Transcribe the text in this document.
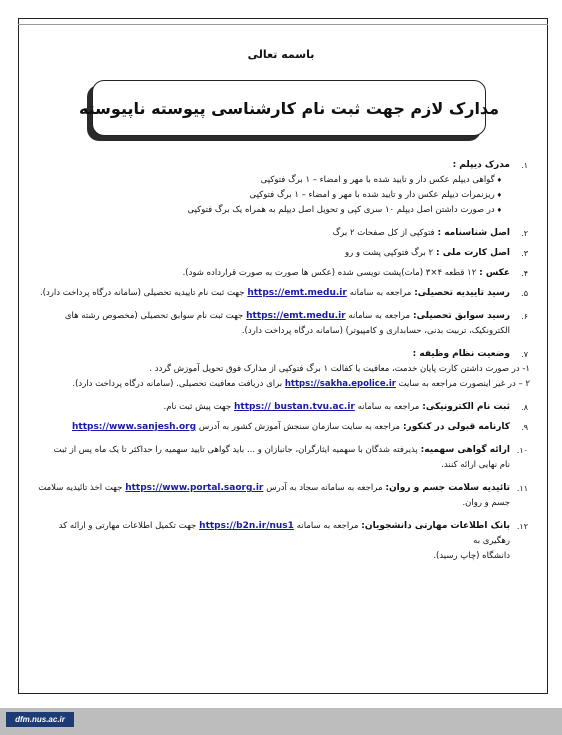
باسمه تعالی
مدارک لازم جهت ثبت نام کارشناسی پیوسته ناپیوسته
۱.
مدرک دیپلم :
♦ گواهی دیپلم عکس دار و تایید شده با مهر و امضاء – ۱ برگ فتوکپی
♦ ریزنمرات دیپلم عکس دار و تایید شده با مهر و امضاء – ۱ برگ فتوکپی
♦ در صورت داشتن اصل دیپلم ۱۰ سری کپی و تحویل اصل دیپلم به همراه یک برگ فتوکپی
۲.
اصل شناسنامه : فتوکپی از کل صفحات ۲ برگ
۳.
اصل کارت ملی : ۲ برگ فتوکپی پشت و رو
۴.
عکس : ۱۲ قطعه ۴×۳ (مات)پشت نویسی شده (عکس ها صورت به صورت قرارداده شود).
۵.
رسید تاییدیه تحصیلی: مراجعه به سامانه https://emt.medu.ir جهت ثبت نام تاییدیه تحصیلی (سامانه درگاه پرداخت دارد).
۶.
رسید سوابق تحصیلی: مراجعه به سامانه https://emt.medu.ir جهت ثبت نام سوابق تحصیلی (مخصوص رشته های
الکترونکیک، تربیت بدنی، حسابداری و کامپیوتر) (سامانه درگاه پرداخت دارد).
۷.
وضعیت نظام وظیفه :
۱- در صورت داشتن کارت پایان خدمت، معافیت یا کفالت ۱ برگ فتوکپی از مدارک فوق تحویل آموزش گردد .
۲ – در غیر اینصورت مراجعه به سایت https://sakha.epolice.ir برای دریافت معافیت تحصیلی. (سامانه درگاه پرداخت دارد).
۸.
ثبت نام الکترونیکی: مراجعه به سامانه https:// bustan.tvu.ac.ir جهت پیش ثبت نام.
۹.
کارنامه قبولی در کنکور: مراجعه به سایت سازمان سنجش آموزش کشور به آدرس https://www.sanjesh.org
۱۰.
ارائه گواهی سهمیه: پذیرفته شدگان با سهمیه ایثارگران، جانبازان و ... باید گواهی تایید سهمیه را حداکثر تا یک ماه پس از ثبت
نام نهایی ارائه کنند.
۱۱.
تائیدیه سلامت جسم و روان: مراجعه به سامانه سجاد به آدرس https://www.portal.saorg.ir جهت اخذ تائیدیه سلامت
جسم و روان.
۱۲.
بانک اطلاعات مهارتی دانشجویان: مراجعه به سامانه https://b2n.ir/nus1 جهت تکمیل اطلاعات مهارتی و ارائه کد رهگیری به
دانشگاه (چاپ رسید).
dfm.nus.ac.ir
